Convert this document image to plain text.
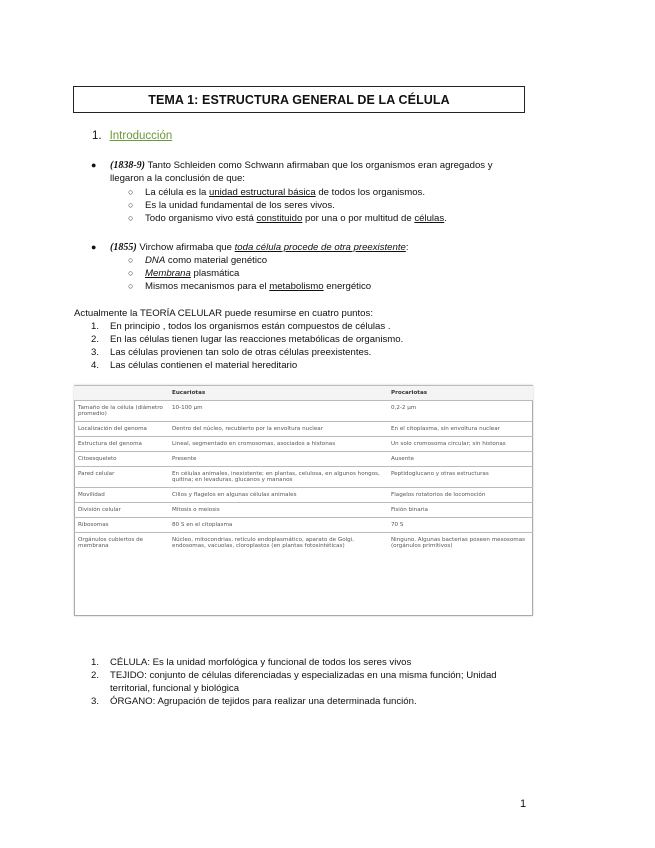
TEMA 1: ESTRUCTURA GENERAL DE LA CÉLULA
1. Introducción
● (1838-9) Tanto Schleiden como Schwann afirmaban que los organismos eran agregados y
llegaron a la conclusión de que:
○ La célula es la unidad estructural básica de todos los organismos.
○ Es la unidad fundamental de los seres vivos.
○ Todo organismo vivo está constituido por una o por multitud de células.
● (1855) Virchow afirmaba que toda célula procede de otra preexistente:
○ DNA como material genético
○ Membrana plasmática
○ Mismos mecanismos para el metabolismo energético
Actualmente la TEORÍA CELULAR puede resumirse en cuatro puntos:
1. En principio , todos los organismos están compuestos de células .
2. En las células tienen lugar las reacciones metabólicas de organismo.
3. Las células provienen tan solo de otras células preexistentes.
4. Las células contienen el material hereditario
	Eucariotas	Procariotas
Tamaño de la célula (diámetro promedio)	10-100 µm	0,2-2 µm
Localización del genoma	Dentro del núcleo, recubierto por la envoltura nuclear	En el citoplasma, sin envoltura nuclear
Estructura del genoma	Lineal, segmentado en cromosomas, asociados a histonas	Un solo cromosoma circular; sin histonas
Citoesqueleto	Presente	Ausente
Pared celular	En células animales, inexistente; en plantas, celulosa, en algunos hongos, quitina; en levaduras, glucanos y mananos	Peptidoglucano y otras estructuras
Movilidad	Cilios y flagelos en algunas células animales	Flagelos rotatorios de locomoción
División celular	Mitosis o meiosis	Fisión binaria
Ribosomas	80 S en el citoplasma	70 S
Orgánulos cubiertos de membrana	Núcleo, mitocondrias, retículo endoplasmático, aparato de Golgi, endosomas, vacuolas, cloroplastos (en plantas fotosintéticas)	Ninguno. Algunas bacterias poseen mesosomas (orgánulos primitivos)
1. CÉLULA: Es la unidad morfológica y funcional de todos los seres vivos
2. TEJIDO: conjunto de células diferenciadas y especializadas en una misma función; Unidad
territorial, funcional y biológica
3. ÓRGANO: Agrupación de tejidos para realizar una determinada función.
1
